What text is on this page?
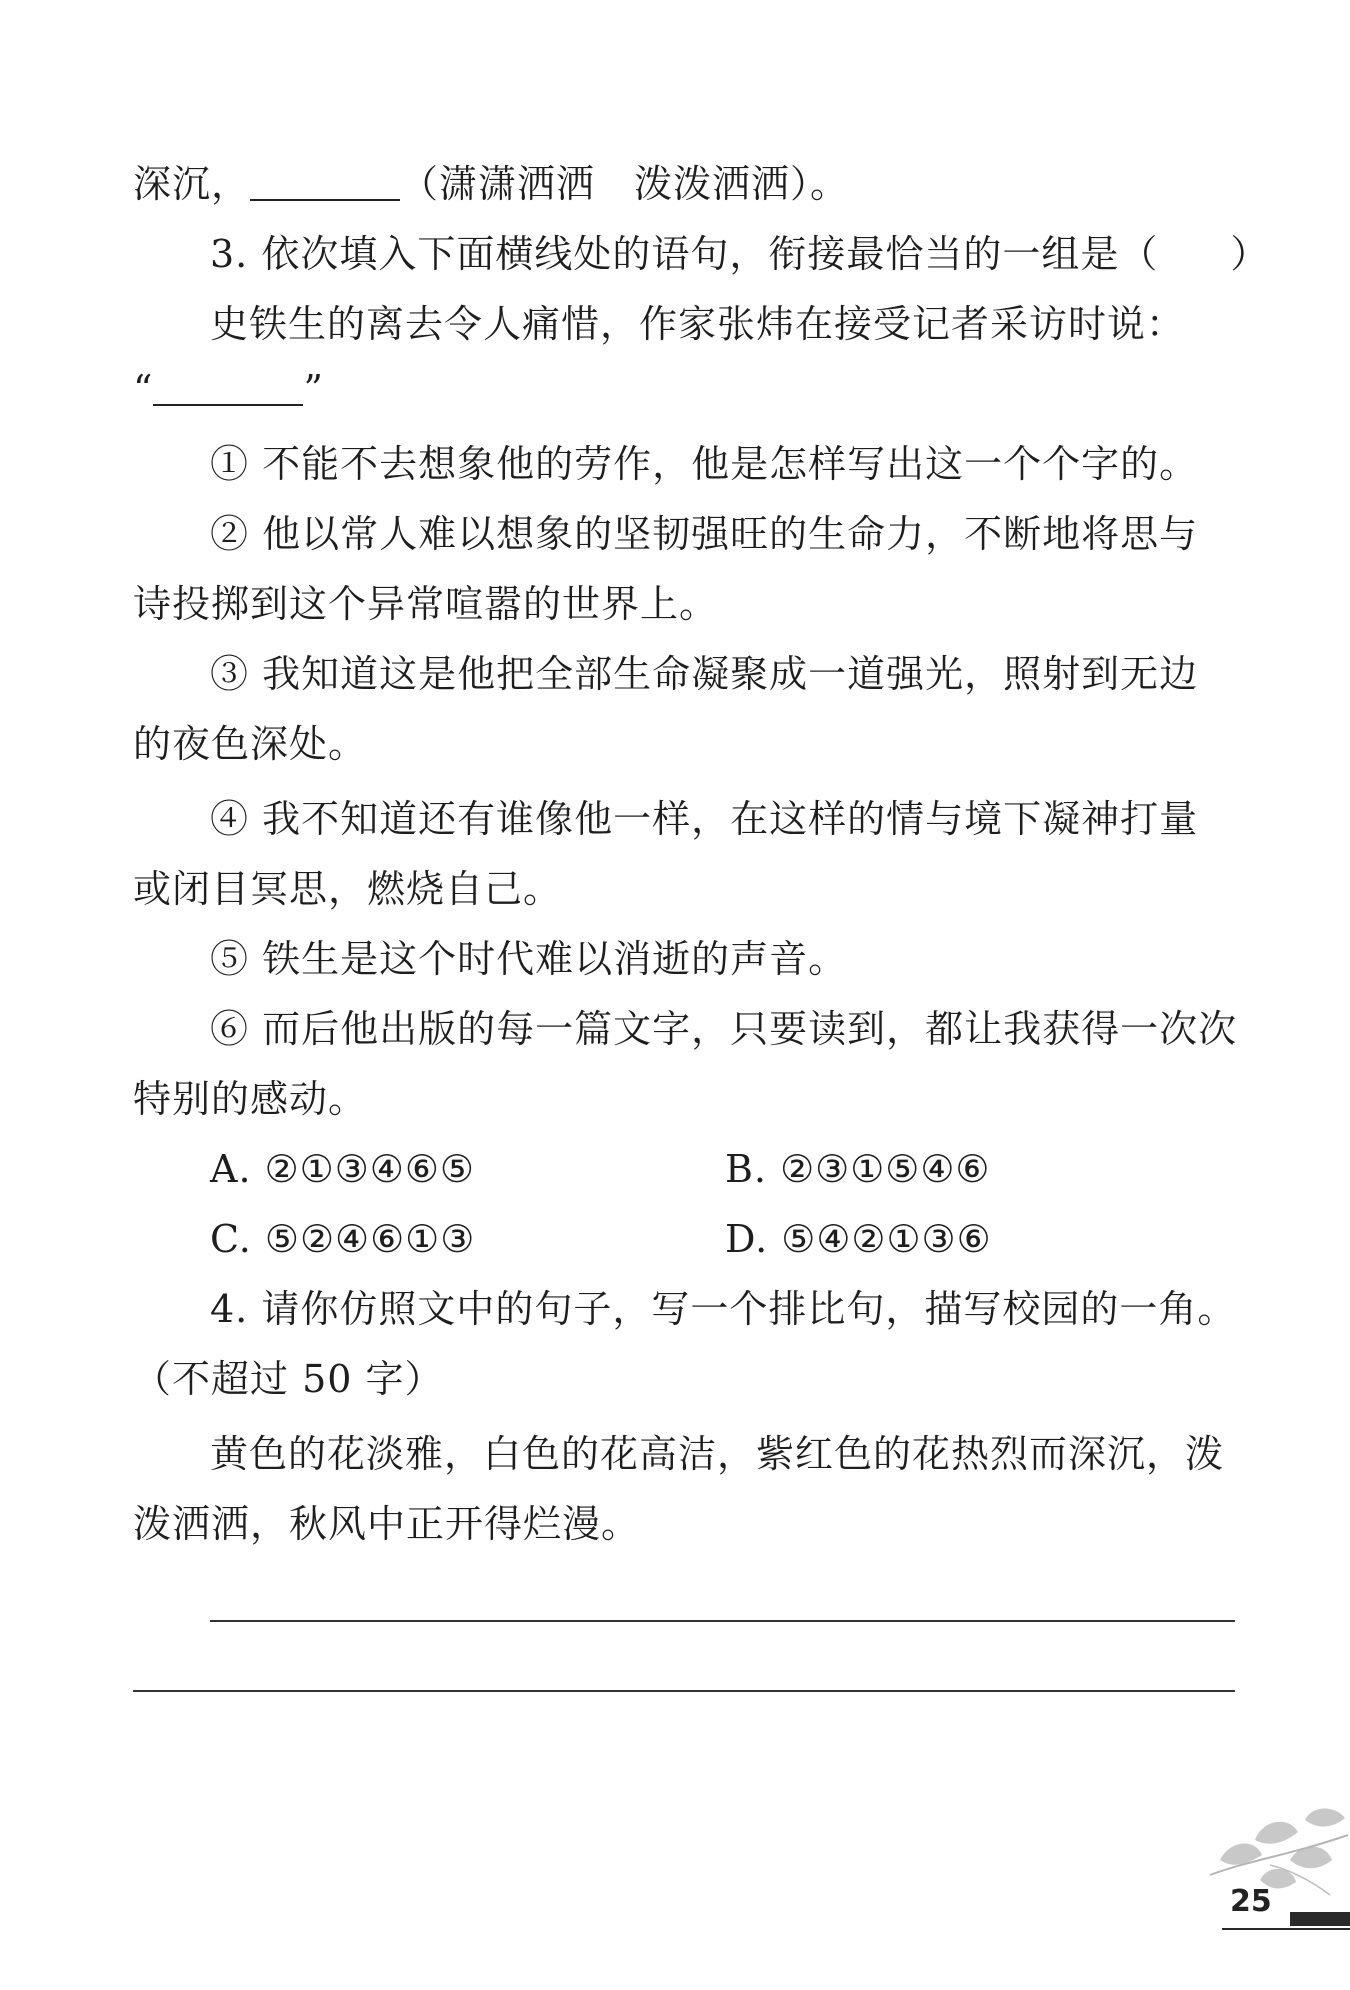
深沉，	（潇潇洒洒　泼泼洒洒）。
3. 依次填入下面横线处的语句，衔接最恰当的一组是（ ）
史铁生的离去令人痛惜，作家张炜在接受记者采访时说：
“	”
① 不能不去想象他的劳作，他是怎样写出这一个个字的。
② 他以常人难以想象的坚韧强旺的生命力，不断地将思与
诗投掷到这个异常喧嚣的世界上。
③ 我知道这是他把全部生命凝聚成一道强光，照射到无边
的夜色深处。
④ 我不知道还有谁像他一样，在这样的情与境下凝神打量
或闭目冥思，燃烧自己。
⑤ 铁生是这个时代难以消逝的声音。
⑥ 而后他出版的每一篇文字，只要读到，都让我获得一次次
特别的感动。
A. ②①③④⑥⑤	B. ②③①⑤④⑥
C. ⑤②④⑥①③	D. ⑤④②①③⑥
4. 请你仿照文中的句子，写一个排比句，描写校园的一角。
（不超过 50 字）
黄色的花淡雅，白色的花高洁，紫红色的花热烈而深沉，泼
泼洒洒，秋风中正开得烂漫。
25
